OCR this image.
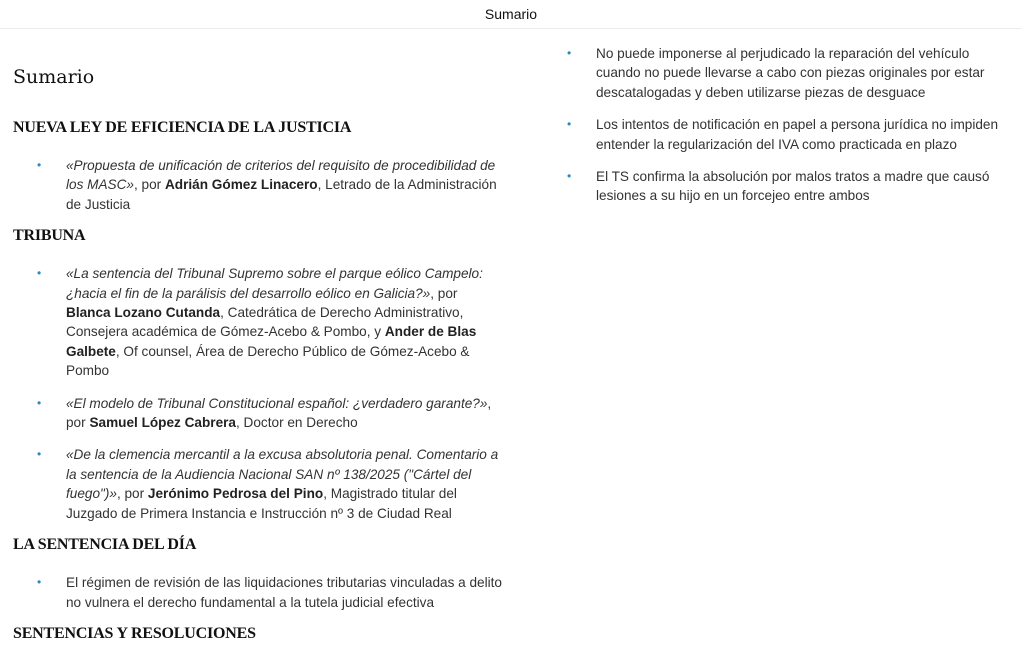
Sumario
Sumario
NUEVA LEY DE EFICIENCIA DE LA JUSTICIA
• «Propuesta de unificación de criterios del requisito de procedibilidad de los MASC», por Adrián Gómez Linacero, Letrado de la Administración de Justicia
TRIBUNA
• «La sentencia del Tribunal Supremo sobre el parque eólico Campelo: ¿hacia el fin de la parálisis del desarrollo eólico en Galicia?», por Blanca Lozano Cutanda, Catedrática de Derecho Administrativo, Consejera académica de Gómez-Acebo & Pombo, y Ander de Blas Galbete, Of counsel, Área de Derecho Público de Gómez-Acebo & Pombo
• «El modelo de Tribunal Constitucional español: ¿verdadero garante?», por Samuel López Cabrera, Doctor en Derecho
• «De la clemencia mercantil a la excusa absolutoria penal. Comentario a la sentencia de la Audiencia Nacional SAN nº 138/2025 ("Cártel del fuego")», por Jerónimo Pedrosa del Pino, Magistrado titular del Juzgado de Primera Instancia e Instrucción nº 3 de Ciudad Real
LA SENTENCIA DEL DÍA
• El régimen de revisión de las liquidaciones tributarias vinculadas a delito no vulnera el derecho fundamental a la tutela judicial efectiva
SENTENCIAS Y RESOLUCIONES
• No puede imponerse al perjudicado la reparación del vehículo cuando no puede llevarse a cabo con piezas originales por estar descatalogadas y deben utilizarse piezas de desguace
• Los intentos de notificación en papel a persona jurídica no impiden entender la regularización del IVA como practicada en plazo
• El TS confirma la absolución por malos tratos a madre que causó lesiones a su hijo en un forcejeo entre ambos
